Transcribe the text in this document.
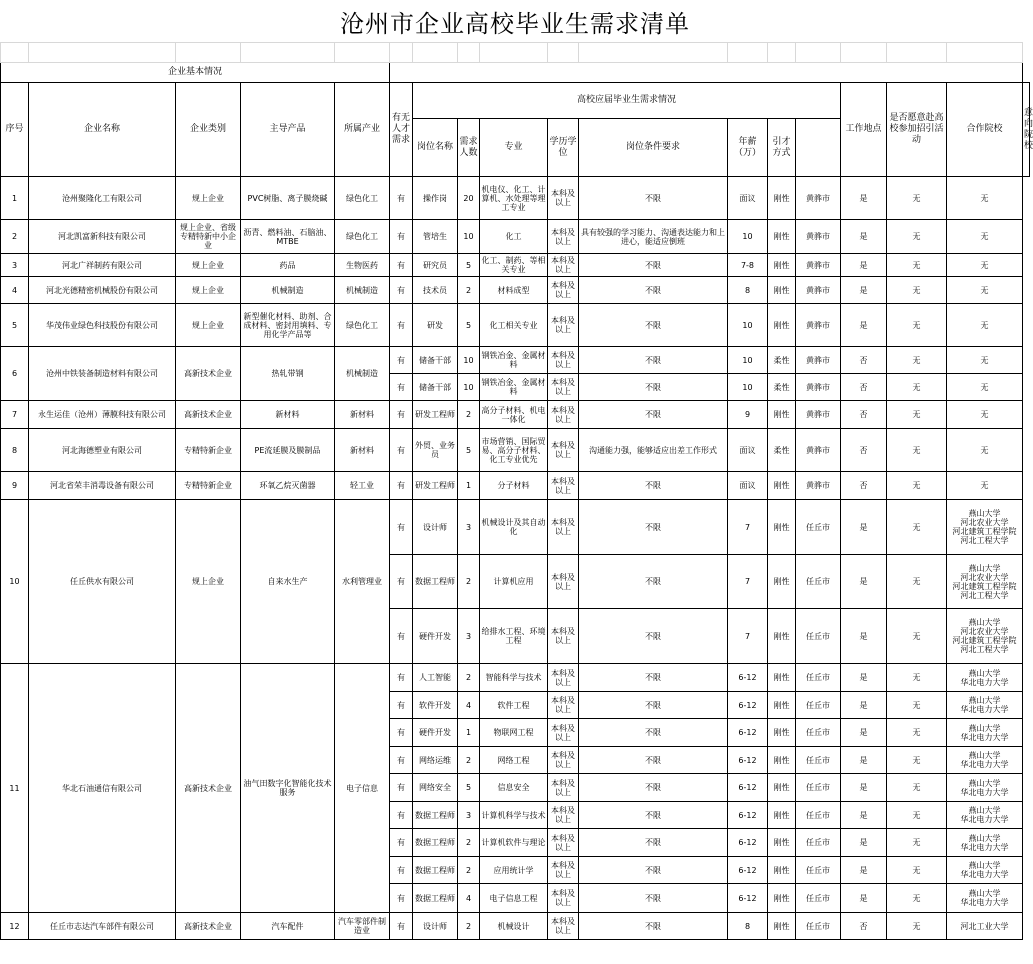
沧州市企业高校毕业生需求清单

企业基本情况																	
序号	企业名称	企业类别	主导产品	所属产业	有无人才需求	高校应届毕业生需求情况								工作地点	是否愿意赴高校参加招引活动	合作院校	意向院校
						岗位名称	需求人数	专业	学历学位	岗位条件要求	年薪（万）	引才方式					
1	沧州聚隆化工有限公司	规上企业	PVC树脂、离子膜烧碱	绿色化工	有	操作岗	20	机电仪、化工、计算机、水处理等理工专业	本科及以上	不限	面议	刚性	黄骅市	是	无	无	
2	河北凯富新科技有限公司	规上企业、省级专精特新中小企业	沥青、燃料油、石脑油、MTBE	绿色化工	有	管培生	10	化工	本科及以上	具有较强的学习能力、沟通表达能力和上进心，能适应倒班	10	刚性	黄骅市	是	无	无	
3	河北广祥制药有限公司	规上企业	药品	生物医药	有	研究员	5	化工、制药、等相关专业	本科及以上	不限	7-8	刚性	黄骅市	是	无	无	
4	河北光德精密机械股份有限公司	规上企业	机械制造	机械制造	有	技术员	2	材料成型	本科及以上	不限	8	刚性	黄骅市	是	无	无	
5	华茂伟业绿色科技股份有限公司	规上企业	新型催化材料、助剂、合成材料、密封用填料、专用化学产品等	绿色化工	有	研发	5	化工相关专业	本科及以上	不限	10	刚性	黄骅市	是	无	无	
6	沧州中铁装备制造材料有限公司	高新技术企业	热轧带钢	机械制造	有	储备干部	10	钢铁冶金、金属材料	本科及以上	不限	10	柔性	黄骅市	否	无	无	
					有	储备干部	10	钢铁冶金、金属材料	本科及以上	不限	10	柔性	黄骅市	否	无	无	
7	永生运佳（沧州）薄膜科技有限公司	高新技术企业	新材料	新材料	有	研发工程师	2	高分子材料、机电一体化	本科及以上	不限	9	刚性	黄骅市	否	无	无	
8	河北海德塑业有限公司	专精特新企业	PE流延膜及膜制品	新材料	有	外贸、业务员	5	市场营销、国际贸易、高分子材料、化工专业优先	本科及以上	沟通能力强，能够适应出差工作形式	面议	柔性	黄骅市	否	无	无	
9	河北省荣丰消毒设备有限公司	专精特新企业	环氧乙烷灭菌器	轻工业	有	研发工程师	1	分子材料	本科及以上	不限	面议	刚性	黄骅市	否	无	无	
10	任丘供水有限公司	规上企业	自来水生产	水利管理业	有	设计师	3	机械设计及其自动化	本科及以上	不限	7	刚性	任丘市	是	无	燕山大学
河北农业大学
河北建筑工程学院
河北工程大学	
					有	数据工程师	2	计算机应用	本科及以上	不限	7	刚性	任丘市	是	无	燕山大学
河北农业大学
河北建筑工程学院
河北工程大学	
					有	硬件开发	3	给排水工程、环境工程	本科及以上	不限	7	刚性	任丘市	是	无	燕山大学
河北农业大学
河北建筑工程学院
河北工程大学	
11	华北石油通信有限公司	高新技术企业	油气田数字化智能化技术服务	电子信息	有	人工智能	2	智能科学与技术	本科及以上	不限	6-12	刚性	任丘市	是	无	燕山大学
华北电力大学	
					有	软件开发	4	软件工程	本科及以上	不限	6-12	刚性	任丘市	是	无	燕山大学
华北电力大学	
					有	硬件开发	1	物联网工程	本科及以上	不限	6-12	刚性	任丘市	是	无	燕山大学
华北电力大学	
					有	网络运维	2	网络工程	本科及以上	不限	6-12	刚性	任丘市	是	无	燕山大学
华北电力大学	
					有	网络安全	5	信息安全	本科及以上	不限	6-12	刚性	任丘市	是	无	燕山大学
华北电力大学	
					有	数据工程师	3	计算机科学与技术	本科及以上	不限	6-12	刚性	任丘市	是	无	燕山大学
华北电力大学	
					有	数据工程师	2	计算机软件与理论	本科及以上	不限	6-12	刚性	任丘市	是	无	燕山大学
华北电力大学	
					有	数据工程师	2	应用统计学	本科及以上	不限	6-12	刚性	任丘市	是	无	燕山大学
华北电力大学	
					有	数据工程师	4	电子信息工程	本科及以上	不限	6-12	刚性	任丘市	是	无	燕山大学
华北电力大学	
12	任丘市志达汽车部件有限公司	高新技术企业	汽车配件	汽车零部件制造业	有	设计师	2	机械设计	本科及以上	不限	8	刚性	任丘市	否	无	河北工业大学	
